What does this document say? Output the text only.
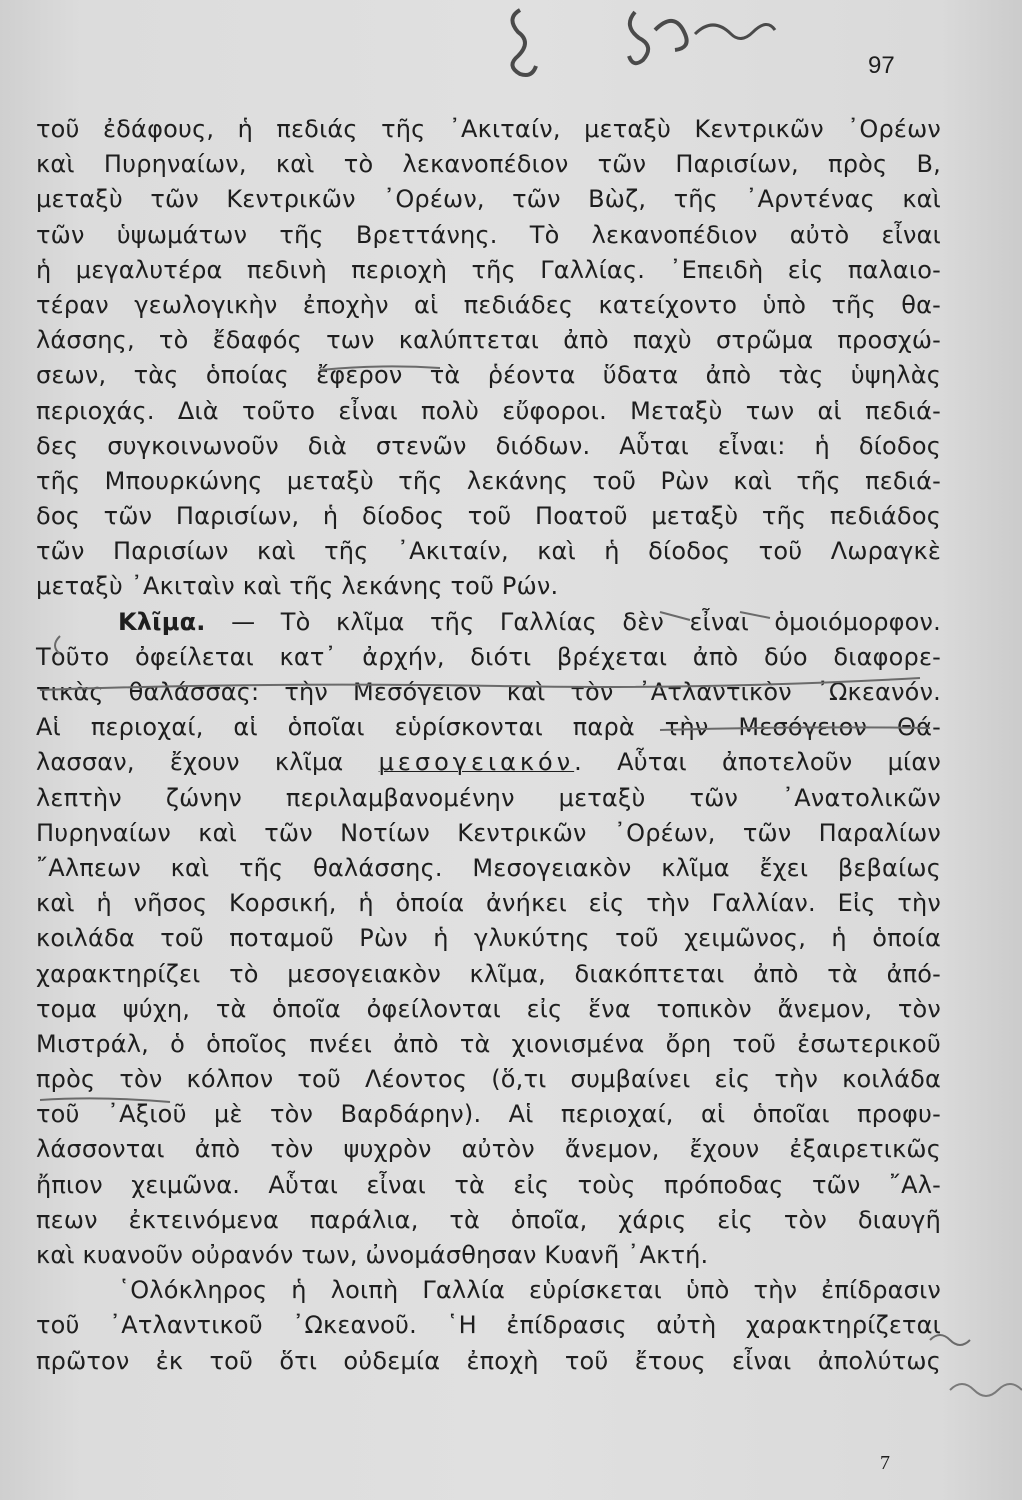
97
τοῦ ἐδάφους, ἡ πεδιάς τῆς ᾿Ακιταίν, μεταξὺ Κεντρικῶν ᾿Ορέων
καὶ Πυρηναίων, καὶ τὸ λεκανοπέδιον τῶν Παρισίων, πρὸς Β,
μεταξὺ τῶν Κεντρικῶν ᾿Ορέων, τῶν Βὼζ, τῆς ᾿Αρντένας καὶ
τῶν ὑψωμάτων τῆς Βρεττάνης. Τὸ λεκανοπέδιον αὐτὸ εἶναι
ἡ μεγαλυτέρα πεδινὴ περιοχὴ τῆς Γαλλίας. ᾿Επειδὴ εἰς παλαιο-
τέραν γεωλογικὴν ἐποχὴν αἱ πεδιάδες κατείχοντο ὑπὸ τῆς θα-
λάσσης, τὸ ἔδαφός των καλύπτεται ἀπὸ παχὺ στρῶμα προσχώ-
σεων, τὰς ὁποίας ἔφερον τὰ ῥέοντα ὕδατα ἀπὸ τὰς ὑψηλὰς
περιοχάς. Διὰ τοῦτο εἶναι πολὺ εὔφοροι. Μεταξὺ των αἱ πεδιά-
δες συγκοινωνοῦν διὰ στενῶν διόδων. Αὗται εἶναι: ἡ δίοδος
τῆς Μπουρκώνης μεταξὺ τῆς λεκάνης τοῦ Ρὼν καὶ τῆς πεδιά-
δος τῶν Παρισίων, ἡ δίοδος τοῦ Ποατοῦ μεταξὺ τῆς πεδιάδος
τῶν Παρισίων καὶ τῆς ᾿Ακιταίν, καὶ ἡ δίοδος τοῦ Λωραγκὲ
μεταξὺ ᾿Ακιταὶν καὶ τῆς λεκάνης τοῦ Ρών.
Κλῖμα. — Τὸ κλῖμα τῆς Γαλλίας δὲν εἶναι ὁμοιόμορφον.
Τοῦτο ὀφείλεται κατ᾿ ἀρχήν, διότι βρέχεται ἀπὸ δύο διαφορε-
τικὰς θαλάσσας: τὴν Μεσόγειον καὶ τὸν ᾿Ατλαντικὸν ᾿Ωκεανόν.
Αἱ περιοχαί, αἱ ὁποῖαι εὑρίσκονται παρὰ τὴν Μεσόγειον Θά-
λασσαν, ἔχουν κλῖμα μεσογειακόν. Αὗται ἀποτελοῦν μίαν
λεπτὴν ζώνην περιλαμβανομένην μεταξὺ τῶν ᾿Ανατολικῶν
Πυρηναίων καὶ τῶν Νοτίων Κεντρικῶν ᾿Ορέων, τῶν Παραλίων
῎Αλπεων καὶ τῆς θαλάσσης. Μεσογειακὸν κλῖμα ἔχει βεβαίως
καὶ ἡ νῆσος Κορσική, ἡ ὁποία ἀνήκει εἰς τὴν Γαλλίαν. Εἰς τὴν
κοιλάδα τοῦ ποταμοῦ Ρὼν ἡ γλυκύτης τοῦ χειμῶνος, ἡ ὁποία
χαρακτηρίζει τὸ μεσογειακὸν κλῖμα, διακόπτεται ἀπὸ τὰ ἀπό-
τομα ψύχη, τὰ ὁποῖα ὀφείλονται εἰς ἕνα τοπικὸν ἄνεμον, τὸν
Μιστράλ, ὁ ὁποῖος πνέει ἀπὸ τὰ χιονισμένα ὄρη τοῦ ἐσωτερικοῦ
πρὸς τὸν κόλπον τοῦ Λέοντος (ὅ,τι συμβαίνει εἰς τὴν κοιλάδα
τοῦ ᾿Αξιοῦ μὲ τὸν Βαρδάρην). Αἱ περιοχαί, αἱ ὁποῖαι προφυ-
λάσσονται ἀπὸ τὸν ψυχρὸν αὐτὸν ἄνεμον, ἔχουν ἐξαιρετικῶς
ἤπιον χειμῶνα. Αὗται εἶναι τὰ εἰς τοὺς πρόποδας τῶν ῎Αλ-
πεων ἐκτεινόμενα παράλια, τὰ ὁποῖα, χάρις εἰς τὸν διαυγῆ
καὶ κυανοῦν οὐρανόν των, ὠνομάσθησαν Κυανῆ ᾿Ακτή.
῾Ολόκληρος ἡ λοιπὴ Γαλλία εὑρίσκεται ὑπὸ τὴν ἐπίδρασιν
τοῦ ᾿Ατλαντικοῦ ᾿Ωκεανοῦ. ῾Η ἐπίδρασις αὐτὴ χαρακτηρίζεται
πρῶτον ἐκ τοῦ ὅτι οὐδεμία ἐποχὴ τοῦ ἔτους εἶναι ἀπολύτως
7
